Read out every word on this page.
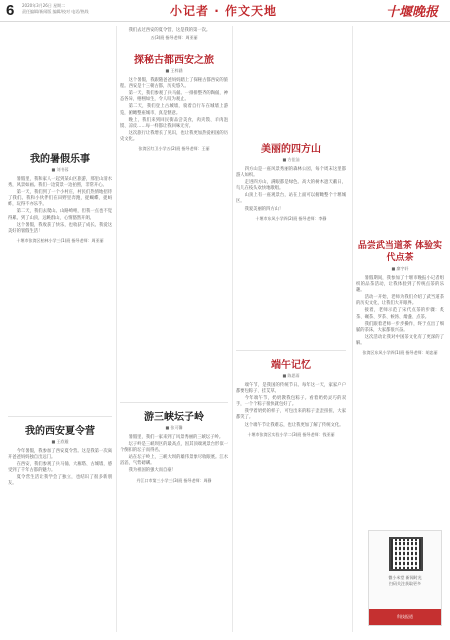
6 2020年3月26日 星期二
责任编辑/新闻版 编辑/校对 电话/热线	小记者 · 作文天地	十堰晚报
我的暑假乐事
■ 刘书蓉

暑假里，我和家人一起到某山区旅游，那里山清水秀，风景如画。我们一边赏景一边拍照，非常开心。

第一天，我们到了一个小村庄，村民们热情地招待了我们。我和小伙伴们在田野里奔跑，捉蝴蝶、捉蚂蚱，玩得不亦乐乎。

第二天，我们去爬山。山路崎岖，但我一点也不觉得累。到了山顶，远眺群山，心情豁然开朗。

这个暑假，我收获了快乐，也收获了成长。我爱这美好的暑假生活！

十堰市张湾区柏林小学三(1)班 指导老师：周亚丽
我的西安夏令营
■ 王欣璇

今年暑假，我参加了西安夏令营。这是我第一次离开爸爸妈妈独自出远门。

在西安，我们参观了兵马俑、大雁塔、古城墙，感受到了千年古都的魅力。

夏令营生活让我学会了独立，也结识了很多新朋友。

我们去过西安的夏令营，这是我的第一次。

五(3)班 指导老师：周亚丽
探秘古都西安之旅
■ 王梓涵

这个暑假，我跟随爸爸妈妈踏上了探秘古都西安的旅程。西安是十三朝古都，历史悠久。

第一天，我们参观了兵马俑。一排排整齐的陶俑，神态各异，栩栩如生，令人叹为观止。

第二天，我们登上古城墙，骑着自行车在城墙上游览，俯瞰整座城市，真是惬意。

晚上，我们来到回民街品尝美食，肉夹馍、羊肉泡馍、凉皮……每一样都让我回味无穷。

这次旅行让我增长了见识，也让我更加热爱祖国的历史文化。

张湾区红卫小学五(2)班 指导老师：王丽
游三峡坛子岭
■ 张可馨

暑假里，我们一家来到了风景秀丽的三峡坛子岭。

坛子岭是三峡坝区的最高点，因其顶端观景台形似一个倒扣的坛子而得名。

站在坛子岭上，三峡大坝的雄伟景象尽收眼底。江水滔滔，气势磅礴。

我为祖国的强大而自豪！

丹江口市第三小学三(3)班 指导老师：周静
美丽的四方山
■ 方佳汕

四方山是一座风景秀丽的森林公园，每个周末这里都游人如织。

走进四方山，满眼都是绿色。高大的树木遮天蔽日，鸟儿在枝头欢快地歌唱。

山顶上有一座观景台，站在上面可以俯瞰整个十堰城区。

我爱美丽的四方山！

十堰市东风小学四(2)班 指导老师：李静
端午记忆
■ 陈思雨

端午节，是我国的传统节日。每年这一天，家家户户都要包粽子、挂艾草。

今年端午节，奶奶教我包粽子。看着奶奶灵巧的双手，一个个粽子很快就包好了。

我学着奶奶的样子，可包出来的粽子歪歪扭扭，大家都笑了。

这个端午节让我难忘，也让我更加了解了传统文化。

十堰市张湾区实验小学二(3)班 指导老师：钱亚丽
品尝武当道茶 体验实代点茶
■ 廖宇轩

暑假期间，我参加了十堰市晚报小记者组织的品茶活动，让我体验到了传统点茶的乐趣。

活动一开始，老师为我们介绍了武当道茶的历史文化，让我们大开眼界。

接着，老师示范了宋代点茶的步骤：炙茶、碾茶、罗茶、候汤、熁盏、点茶。

我们跟着老师一步步操作，终于点出了细腻的茶沫，大家都很兴奋。

这次活动让我对中国茶文化有了更深的了解。

张湾区东风小学四(1)班 指导老师：胡忠丽
微小米堂 新闻时光
扫码关注获取更多
科技报道
